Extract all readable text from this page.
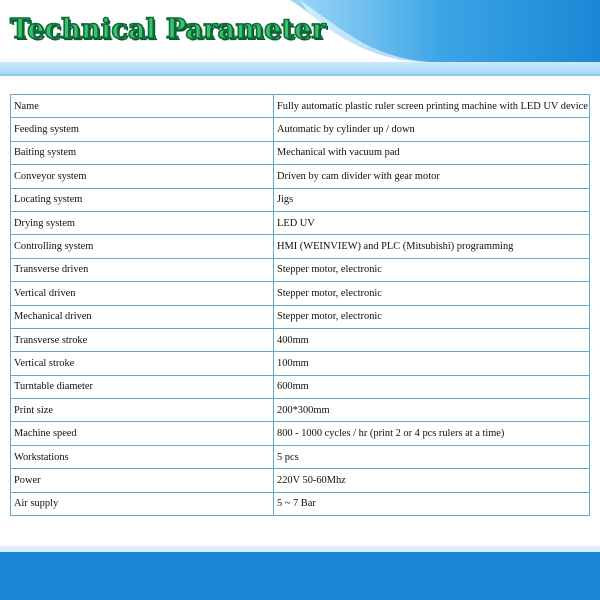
Technical Parameter
Name	Fully automatic plastic ruler screen printing machine with LED UV device
Feeding system	Automatic by cylinder up / down
Baiting system	Mechanical with vacuum pad
Conveyor system	Driven by cam divider with gear motor
Locating system	Jigs
Drying system	LED UV
Controlling system	HMI (WEINVIEW) and PLC (Mitsubishi) programming
Transverse driven	Stepper motor, electronic
Vertical driven	Stepper motor, electronic
Mechanical driven	Stepper motor, electronic
Transverse stroke	400mm
Vertical stroke	100mm
Turntable diameter	600mm
Print size	200*300mm
Machine speed	800 - 1000 cycles / hr (print 2 or 4 pcs rulers at a time)
Workstations	5 pcs
Power	220V 50-60Mhz
Air supply	5 ~ 7 Bar
